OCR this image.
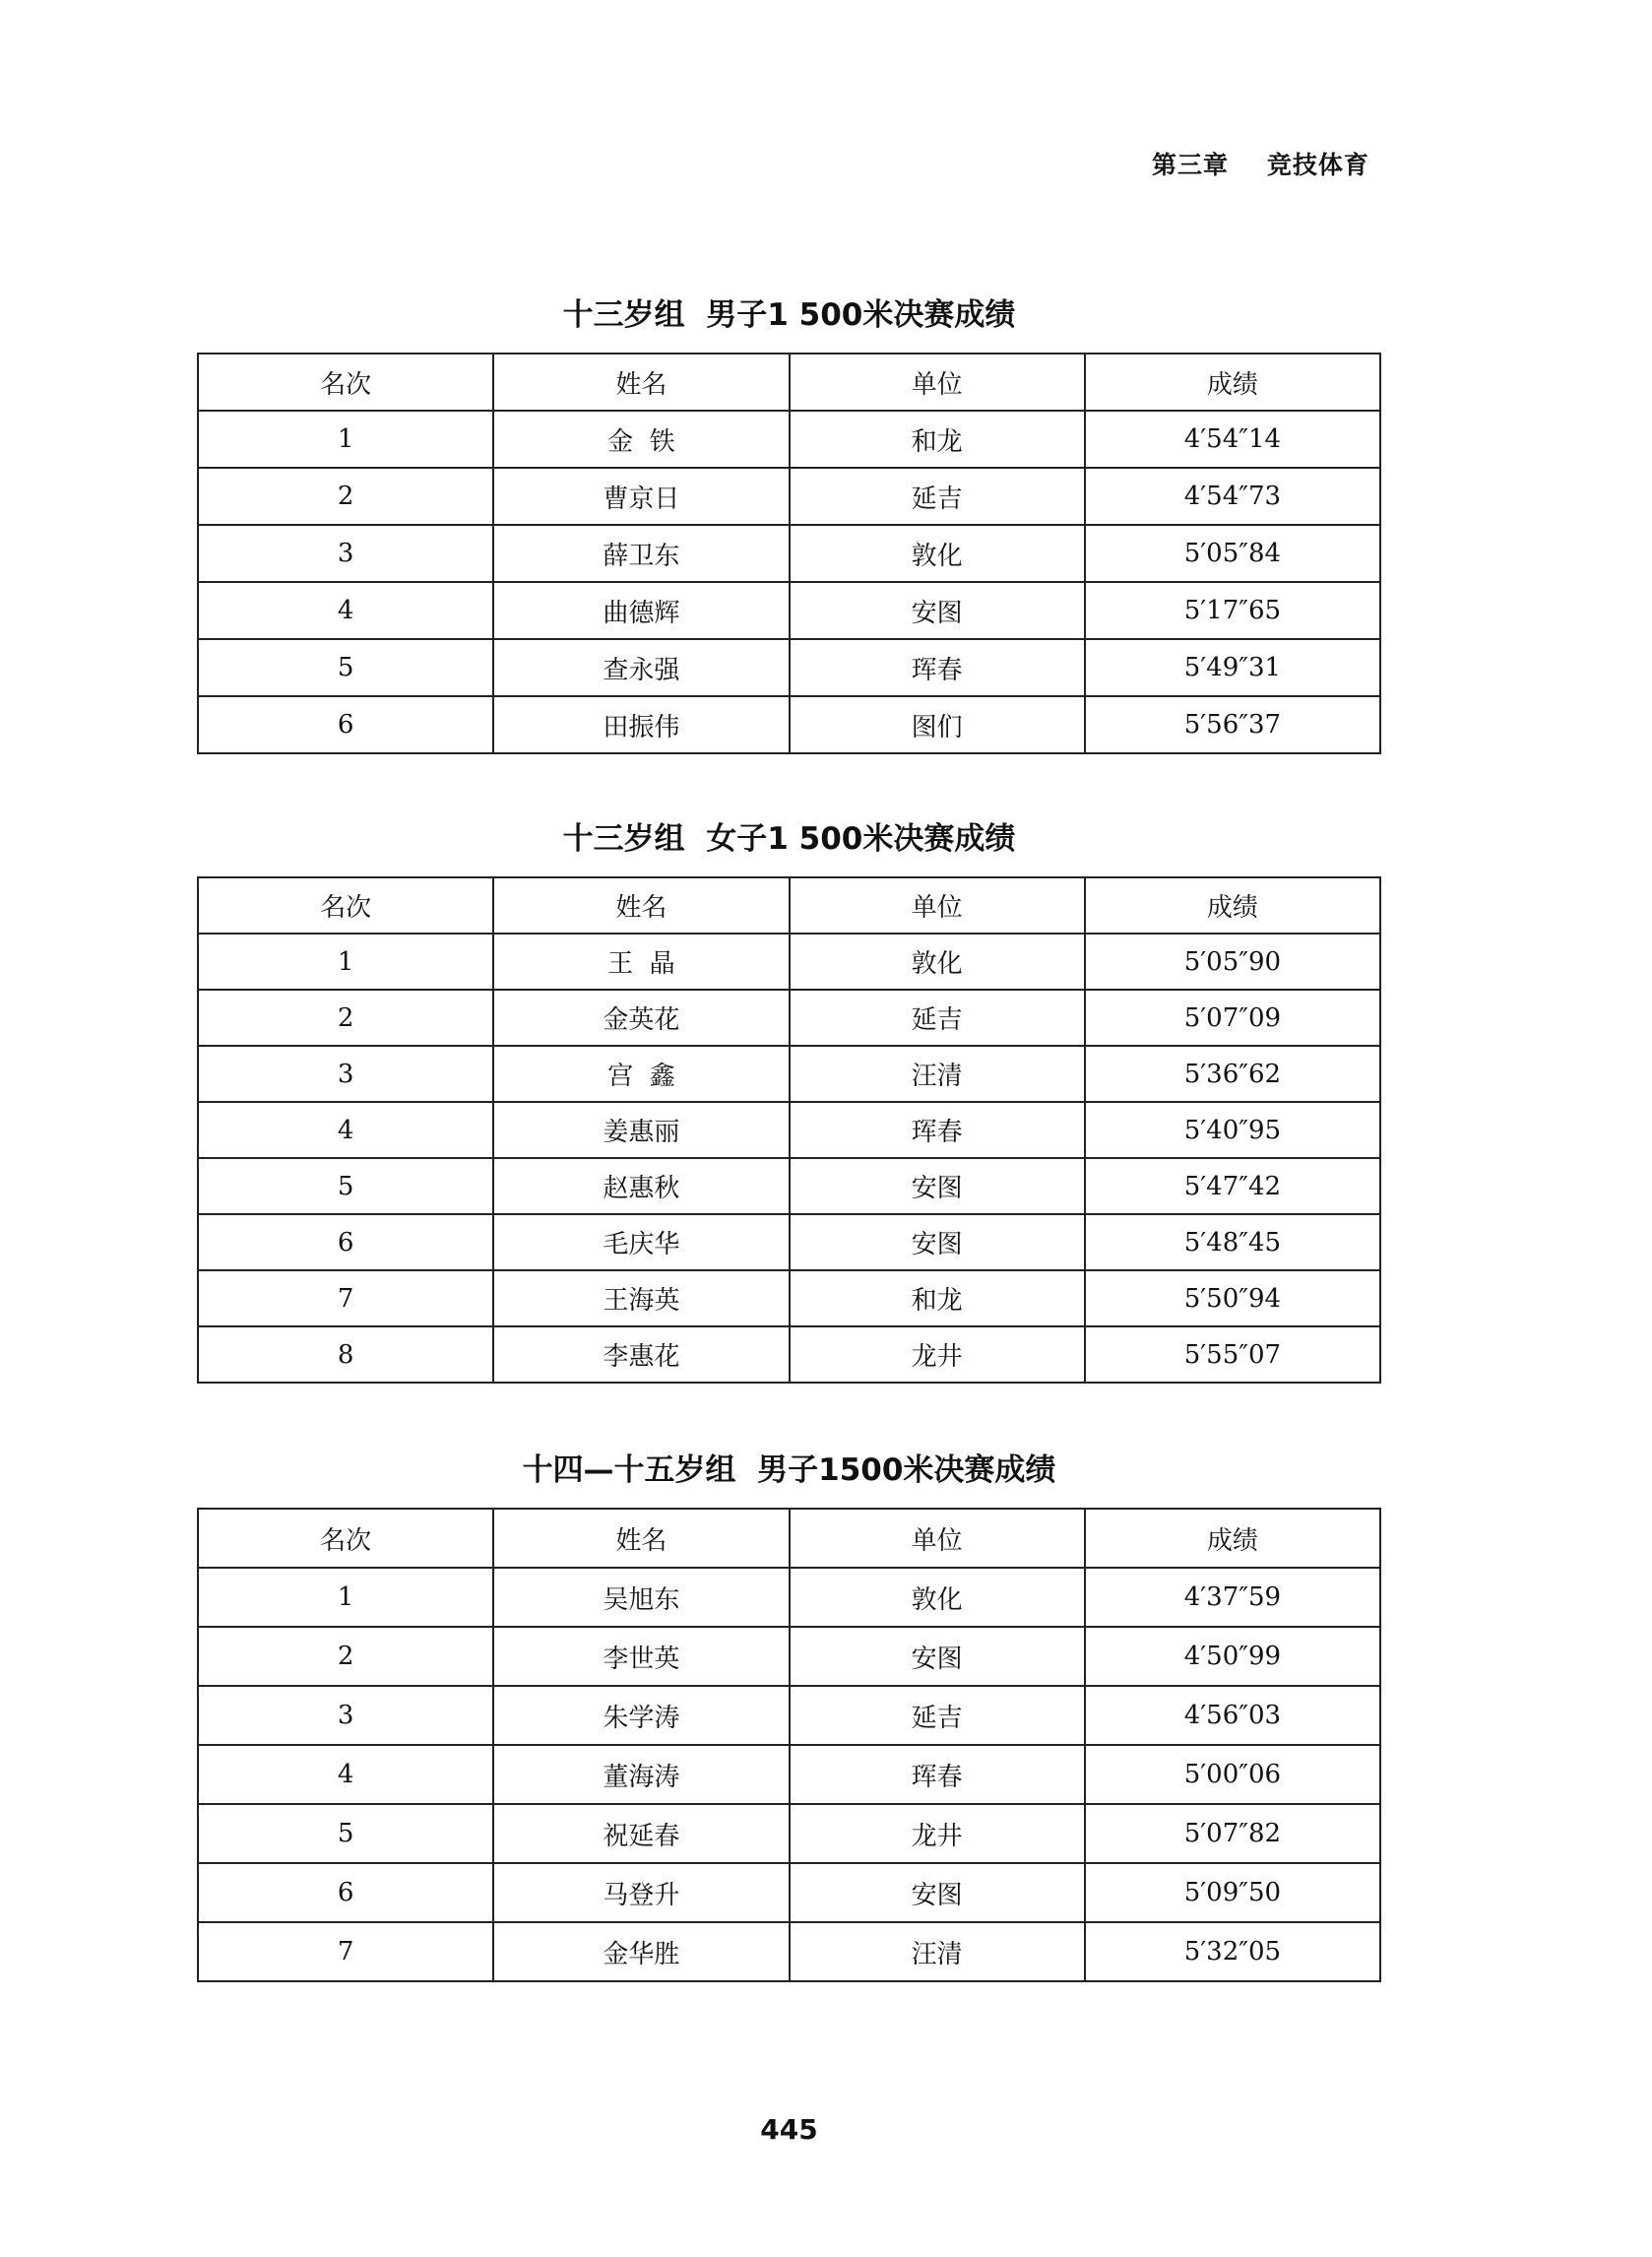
第三章    竞技体育
十三岁组  男子1 500米决赛成绩
名次	姓名	单位	成绩
1	金  铁	和龙	4′54″14
2	曹京日	延吉	4′54″73
3	薛卫东	敦化	5′05″84
4	曲德辉	安图	5′17″65
5	查永强	珲春	5′49″31
6	田振伟	图们	5′56″37
十三岁组  女子1 500米决赛成绩
名次	姓名	单位	成绩
1	王  晶	敦化	5′05″90
2	金英花	延吉	5′07″09
3	宫  鑫	汪清	5′36″62
4	姜惠丽	珲春	5′40″95
5	赵惠秋	安图	5′47″42
6	毛庆华	安图	5′48″45
7	王海英	和龙	5′50″94
8	李惠花	龙井	5′55″07
十四—十五岁组  男子1500米决赛成绩
名次	姓名	单位	成绩
1	吴旭东	敦化	4′37″59
2	李世英	安图	4′50″99
3	朱学涛	延吉	4′56″03
4	董海涛	珲春	5′00″06
5	祝延春	龙井	5′07″82
6	马登升	安图	5′09″50
7	金华胜	汪清	5′32″05
445
